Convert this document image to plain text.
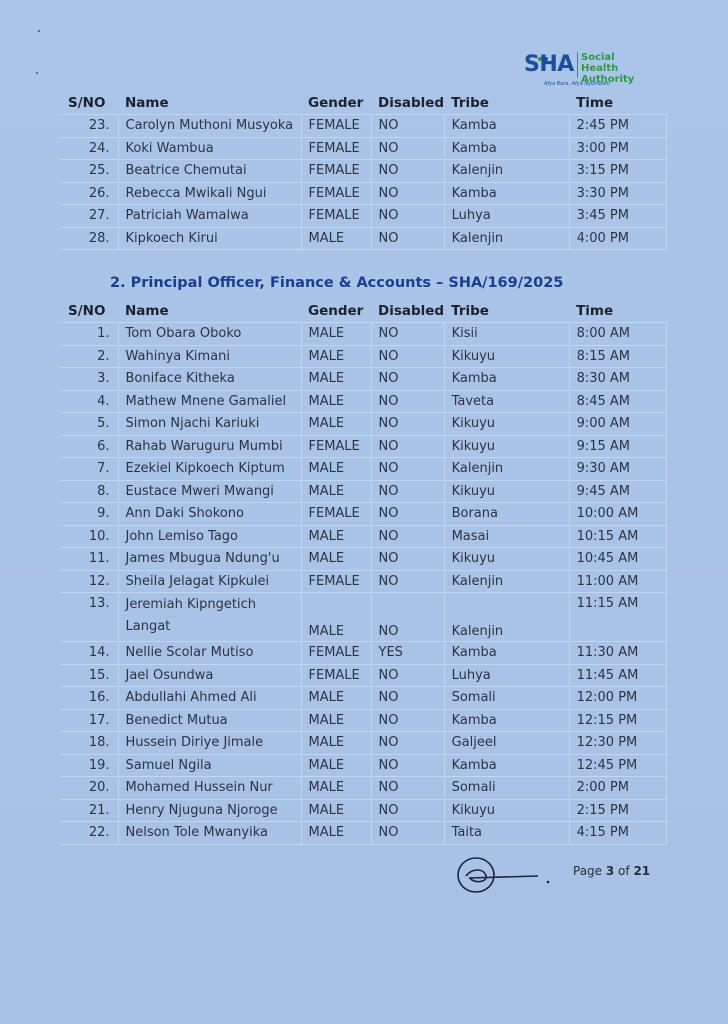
SHA Social Health
Authority
Afya Bora, Afya Nyumbani
S/NO	Name	Gender	Disabled	Tribe	Time
23.	Carolyn Muthoni Musyoka	FEMALE	NO	Kamba	2:45 PM
24.	Koki Wambua	FEMALE	NO	Kamba	3:00 PM
25.	Beatrice Chemutai	FEMALE	NO	Kalenjin	3:15 PM
26.	Rebecca Mwikali Ngui	FEMALE	NO	Kamba	3:30 PM
27.	Patriciah Wamalwa	FEMALE	NO	Luhya	3:45 PM
28.	Kipkoech Kirui	MALE	NO	Kalenjin	4:00 PM
2. Principal Officer, Finance & Accounts – SHA/169/2025
S/NO	Name	Gender	Disabled	Tribe	Time
1.	Tom Obara Oboko	MALE	NO	Kisii	8:00 AM
2.	Wahinya Kimani	MALE	NO	Kikuyu	8:15 AM
3.	Boniface Kitheka	MALE	NO	Kamba	8:30 AM
4.	Mathew Mnene Gamaliel	MALE	NO	Taveta	8:45 AM
5.	Simon Njachi Kariuki	MALE	NO	Kikuyu	9:00 AM
6.	Rahab Waruguru Mumbi	FEMALE	NO	Kikuyu	9:15 AM
7.	Ezekiel Kipkoech Kiptum	MALE	NO	Kalenjin	9:30 AM
8.	Eustace Mweri Mwangi	MALE	NO	Kikuyu	9:45 AM
9.	Ann Daki Shokono	FEMALE	NO	Borana	10:00 AM
10.	John Lemiso Tago	MALE	NO	Masai	10:15 AM
11.	James Mbugua Ndung'u	MALE	NO	Kikuyu	10:45 AM
12.	Sheila Jelagat Kipkulei	FEMALE	NO	Kalenjin	11:00 AM
13.	Jeremiah Kipngetich Langat	MALE	NO	Kalenjin	11:15 AM
14.	Nellie Scolar Mutiso	FEMALE	YES	Kamba	11:30 AM
15.	Jael Osundwa	FEMALE	NO	Luhya	11:45 AM
16.	Abdullahi Ahmed Ali	MALE	NO	Somali	12:00 PM
17.	Benedict Mutua	MALE	NO	Kamba	12:15 PM
18.	Hussein Diriye Jimale	MALE	NO	Galjeel	12:30 PM
19.	Samuel Ngila	MALE	NO	Kamba	12:45 PM
20.	Mohamed Hussein Nur	MALE	NO	Somali	2:00 PM
21.	Henry Njuguna Njoroge	MALE	NO	Kikuyu	2:15 PM
22.	Nelson Tole Mwanyika	MALE	NO	Taita	4:15 PM
Page 3 of 21
